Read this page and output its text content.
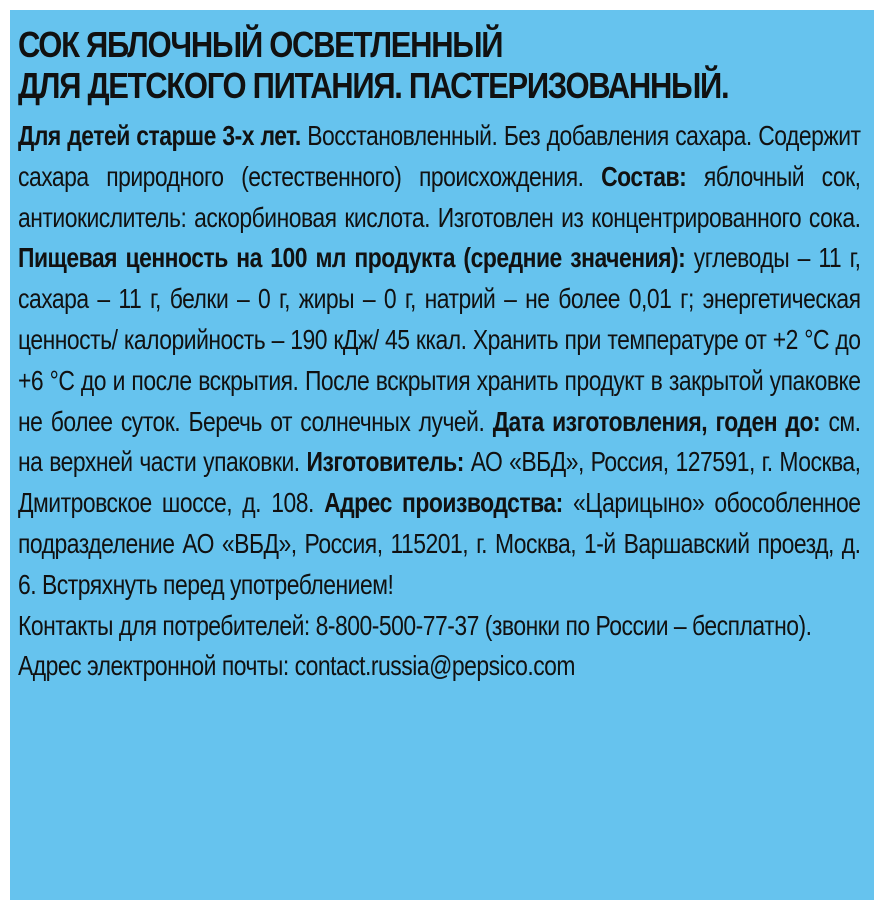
СОК ЯБЛОЧНЫЙ ОСВЕТЛЕННЫЙ
ДЛЯ ДЕТСКОГО ПИТАНИЯ. ПАСТЕРИЗОВАННЫЙ.
Для детей старше 3-х лет. Восстановленный. Без добавления сахара. Содержит сахара природного (естественного) происхождения. Состав: яблочный сок, антиокислитель: аскорбиновая кислота. Изготовлен из концентрированного сока. Пищевая ценность на 100 мл продукта (средние значения): углеводы – 11 г, сахара – 11 г, белки – 0 г, жиры – 0 г, натрий – не более 0,01 г; энергетическая ценность/ калорийность – 190 кДж/ 45 ккал. Хранить при температуре от +2 °С до +6 °С до и после вскрытия. После вскрытия хранить продукт в закрытой упаковке не более суток. Беречь от солнечных лучей. Дата изготовления, годен до: см. на верхней части упаковки. Изготовитель: АО «ВБД», Россия, 127591, г. Москва, Дмитровское шоссе, д. 108. Адрес производства: «Царицыно» обособленное подразделение АО «ВБД», Россия, 115201, г. Москва, 1-й Варшавский проезд, д. 6. Встряхнуть перед употреблением!
Контакты для потребителей: 8-800-500-77-37 (звонки по России – бесплатно).
Адрес электронной почты: contact.russia@pepsico.com
